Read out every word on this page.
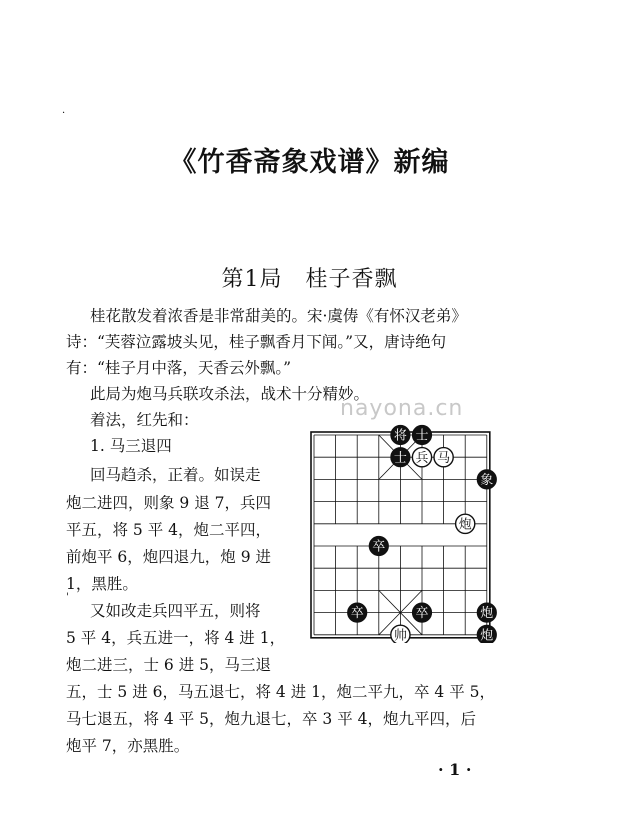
《竹香斋象戏谱》新编
第1局　桂子香飘
·
桂花散发着浓香是非常甜美的。宋·虞俦《有怀汉老弟》
诗：“芙蓉泣露坡头见，桂子飘香月下闻。”又，唐诗绝句
有：“桂子月中落，天香云外飘。”
此局为炮马兵联攻杀法，战术十分精妙。
着法，红先和：	nayona.cn
1. 马三退四
回马趋杀，正着。如误走
炮二进四，则象 9 退 7，兵四
平五，将 5 平 4，炮二平四，
前炮平 6，炮四退九，炮 9 进
1，黑胜。
'
又如改走兵四平五，则将
5 平 4，兵五进一，将 4 进 1，
炮二进三，士 6 进 5，马三退
五，士 5 进 6，马五退七，将 4 进 1，炮二平九，卒 4 平 5，
马七退五，将 4 平 5，炮九退七，卒 3 平 4，炮九平四，后
炮平 7，亦黑胜。
· 1 ·
将 士
士 兵 马
象
炮
卒
卒	卒	炮
帅	炮
